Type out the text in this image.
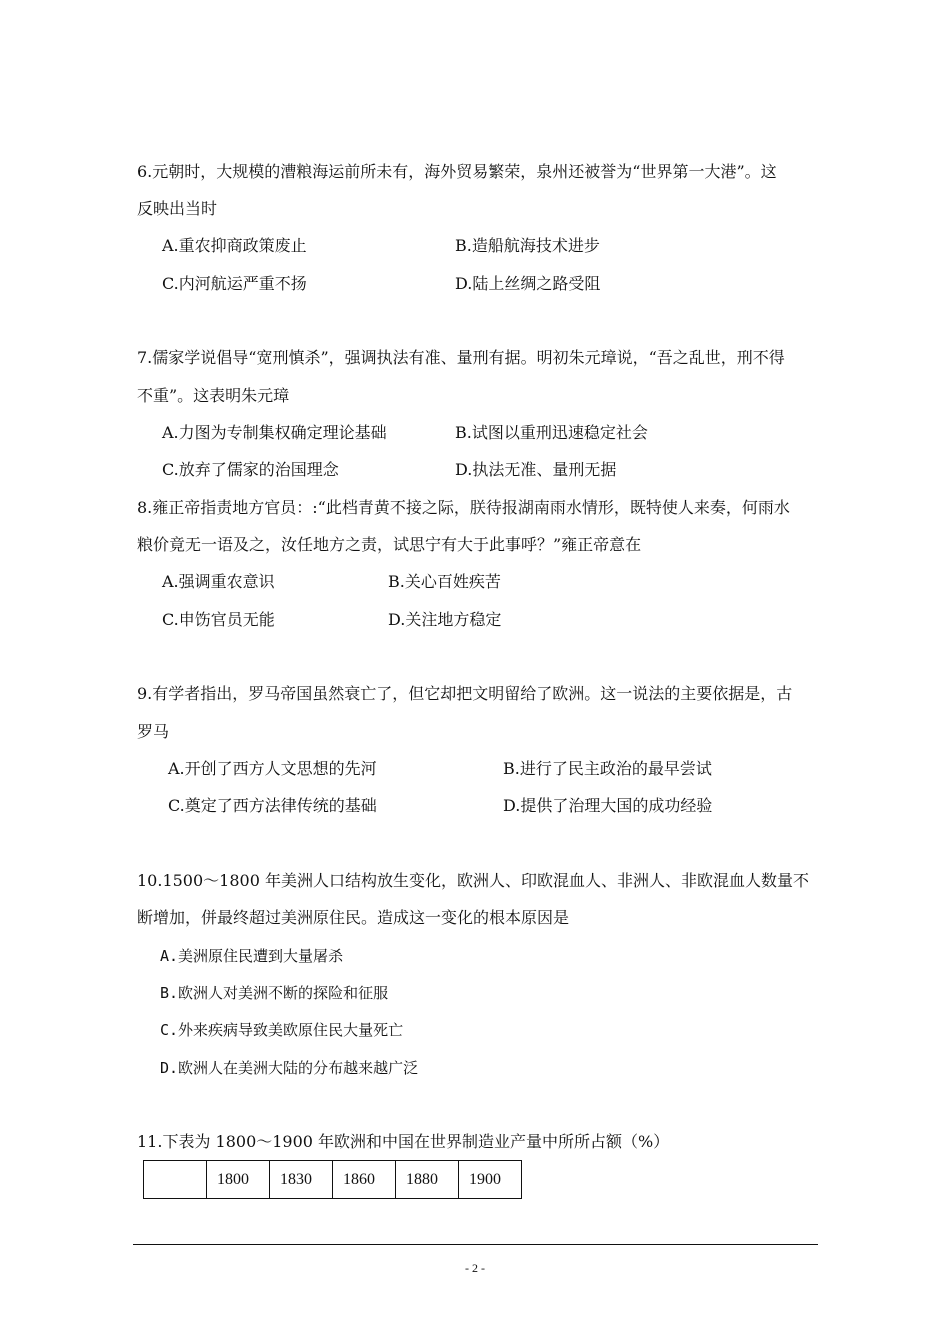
6.元朝时，大规模的漕粮海运前所未有，海外贸易繁荣，泉州还被誉为“世界第一大港”。这
反映出当时
A.重农抑商政策废止	B.造船航海技术进步
C.内河航运严重不扬	D.陆上丝绸之路受阻
7.儒家学说倡导“宽刑慎杀”，强调执法有准、量刑有据。明初朱元璋说，“吾之乱世，刑不得
不重”。这表明朱元璋
A.力图为专制集权确定理论基础	B.试图以重刑迅速稳定社会
C.放弃了儒家的治国理念	D.执法无准、量刑无据
8.雍正帝指责地方官员：:“此档青黄不接之际，朕待报湖南雨水情形，既特使人来奏，何雨水
粮价竟无一语及之，汝任地方之责，试思宁有大于此事呼？”雍正帝意在
A.强调重农意识	B.关心百姓疾苦
C.申饬官员无能	D.关注地方稳定
9.有学者指出，罗马帝国虽然衰亡了，但它却把文明留给了欧洲。这一说法的主要依据是，古
罗马
A.开创了西方人文思想的先河	B.进行了民主政治的最早尝试
C.奠定了西方法律传统的基础	D.提供了治理大国的成功经验
10.1500～1800 年美洲人口结构放生变化，欧洲人、印欧混血人、非洲人、非欧混血人数量不
断增加，併最终超过美洲原住民。造成这一变化的根本原因是
A.美洲原住民遭到大量屠杀
B.欧洲人对美洲不断的探险和征服
C.外来疾病导致美欧原住民大量死亡
D.欧洲人在美洲大陆的分布越来越广泛
11.下表为 1800～1900 年欧洲和中国在世界制造业产量中所所占额（%）
	1800	1830	1860	1880	1900
- 2 -
